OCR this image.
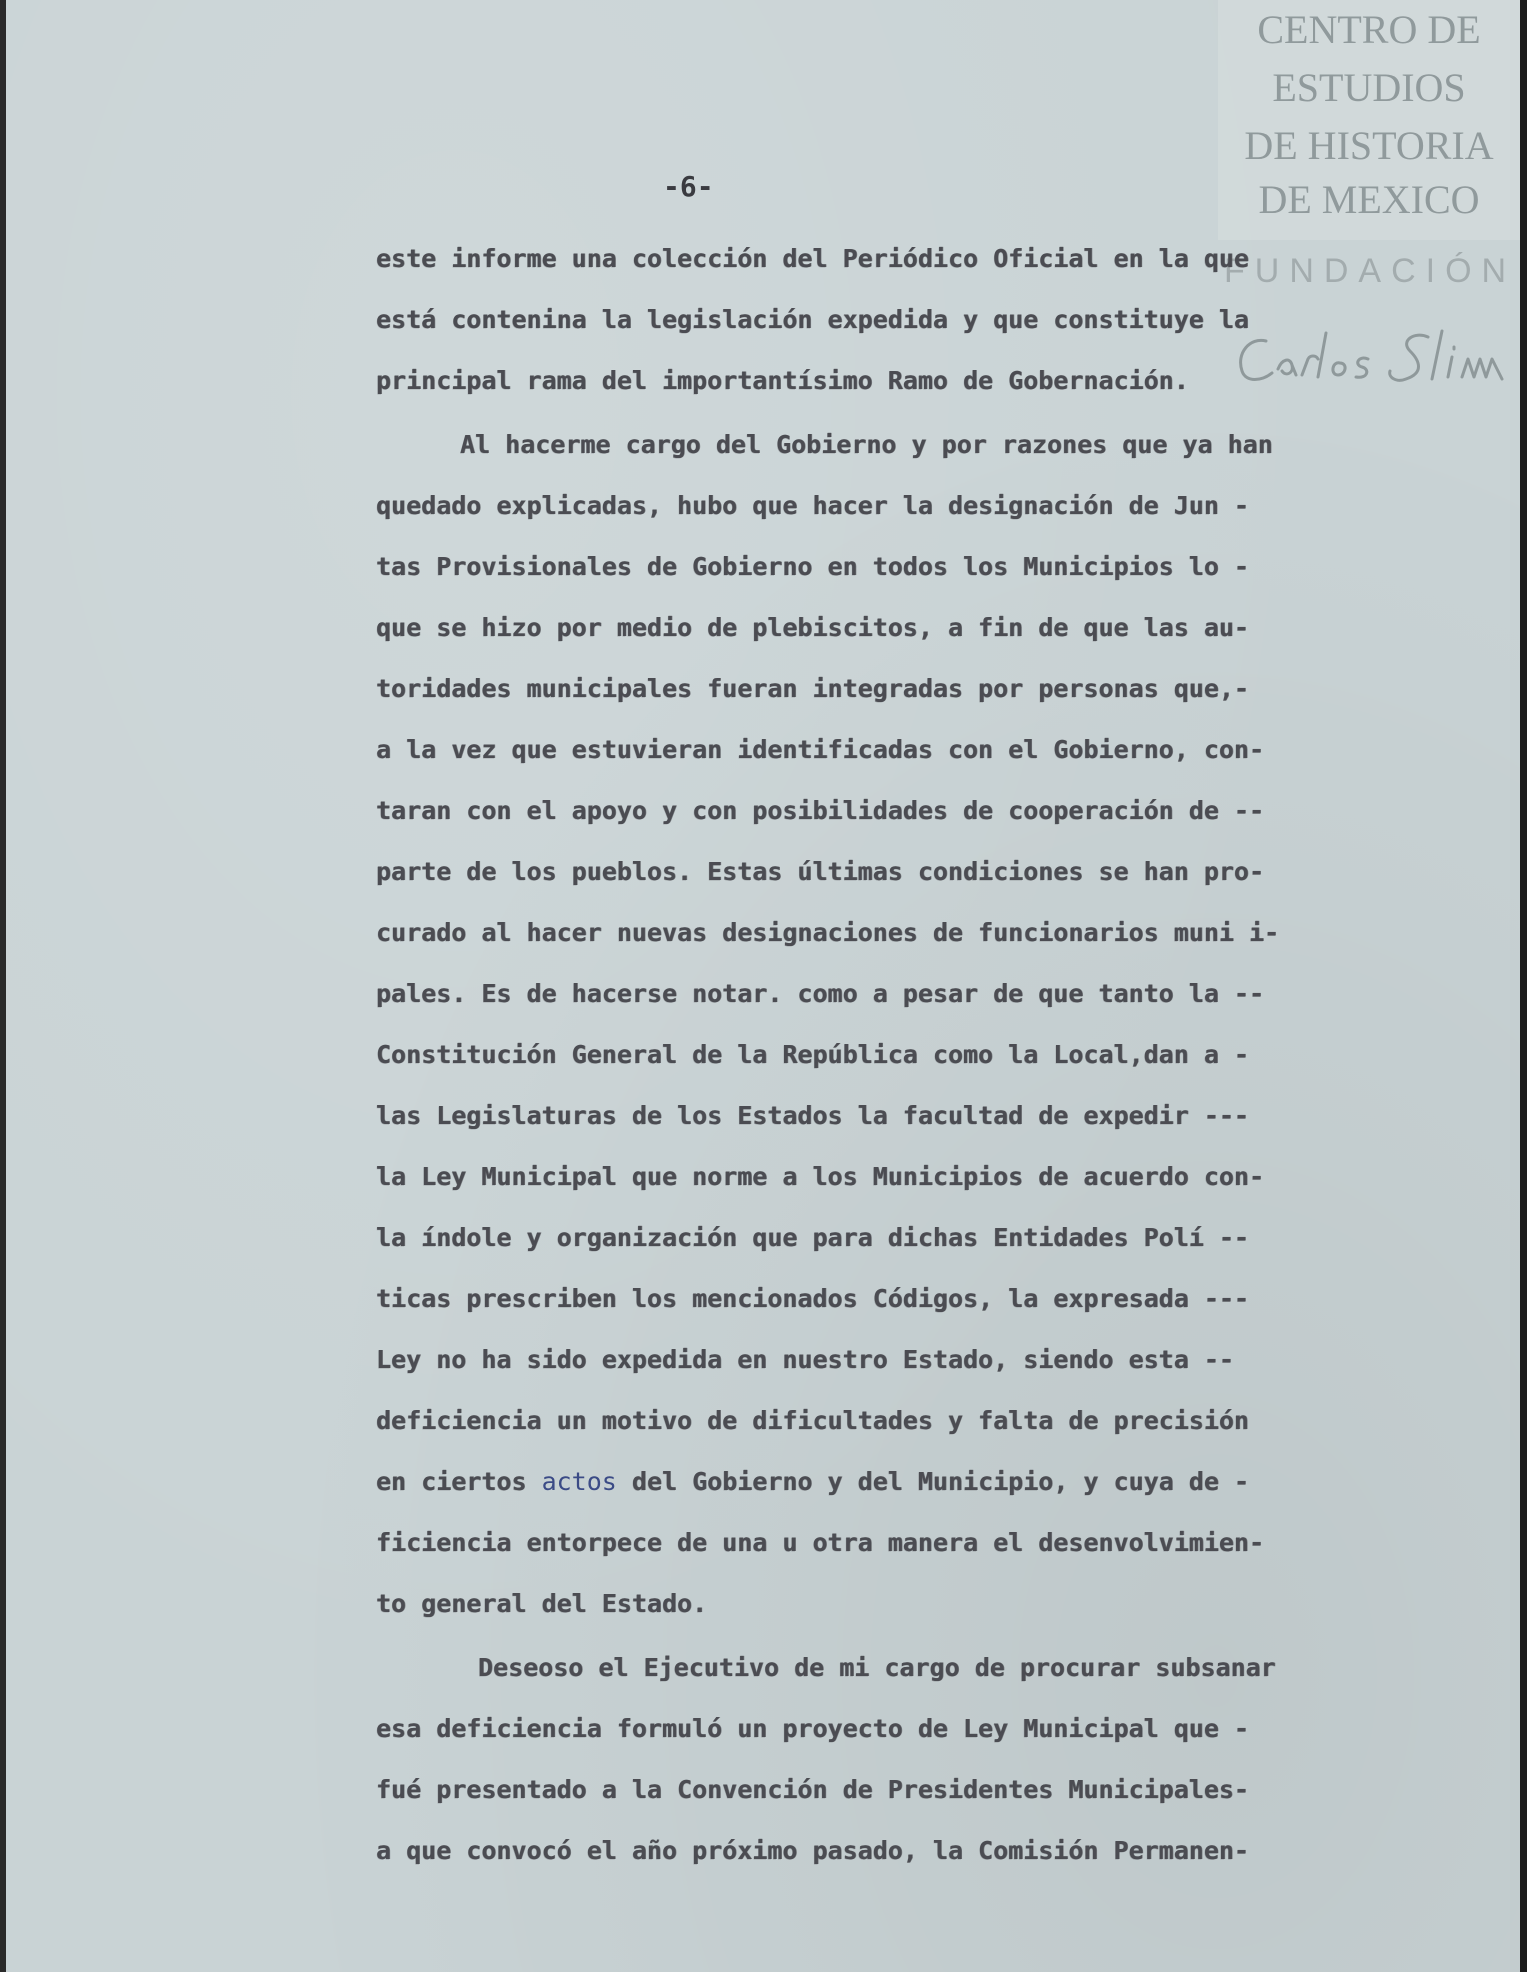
CENTRO DE
ESTUDIOS
DE HISTORIA
DE MEXICO
FUNDACIÓN
-6-
este informe una colección del Periódico Oficial en la que
está contenina la legislación expedida y que constituye la
principal rama del importantísimo Ramo de Gobernación.
Al hacerme cargo del Gobierno y por razones que ya han
quedado explicadas, hubo que hacer la designación de Jun -
tas Provisionales de Gobierno en todos los Municipios lo -
que se hizo por medio de plebiscitos, a fin de que las au-
toridades municipales fueran integradas por personas que,-
a la vez que estuvieran identificadas con el Gobierno, con-
taran con el apoyo y con posibilidades de cooperación de --
parte de los pueblos. Estas últimas condiciones se han pro-
curado al hacer nuevas designaciones de funcionarios muni i-
pales. Es de hacerse notar. como a pesar de que tanto la --
Constitución General de la República como la Local,dan a -
las Legislaturas de los Estados la facultad de expedir ---
la Ley Municipal que norme a los Municipios de acuerdo con-
la índole y organización que para dichas Entidades Polí --
ticas prescriben los mencionados Códigos, la expresada ---
Ley no ha sido expedida en nuestro Estado, siendo esta --
deficiencia un motivo de dificultades y falta de precisión
en ciertos actos del Gobierno y del Municipio, y cuya de -
ficiencia entorpece de una u otra manera el desenvolvimien-
to general del Estado.
Deseoso el Ejecutivo de mi cargo de procurar subsanar
esa deficiencia formuló un proyecto de Ley Municipal que -
fué presentado a la Convención de Presidentes Municipales-
a que convocó el año próximo pasado, la Comisión Permanen-
